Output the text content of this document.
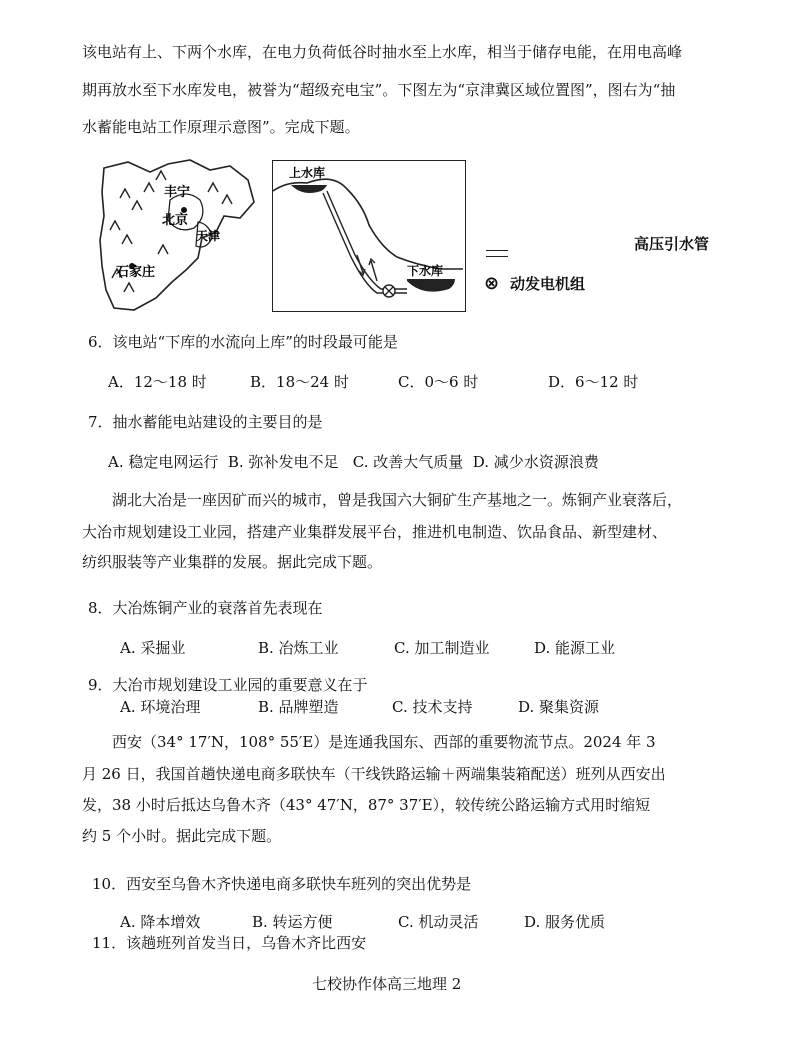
该电站有上、下两个水库，在电力负荷低谷时抽水至上水库，相当于储存电能，在用电高峰
期再放水至下水库发电，被誉为“超级充电宝”。下图左为“京津冀区域位置图”，图右为“抽
水蓄能电站工作原理示意图”。完成下题。
丰宁
北京
天津
石家庄
上水库
下水库
高压引水管
⊗ 动发电机组
6．该电站“下库的水流向上库”的时段最可能是
A．12～18 时	B．18～24 时	C．0～6 时	D．6～12 时
7．抽水蓄能电站建设的主要目的是
A. 稳定电网运行  B. 弥补发电不足   C. 改善大气质量  D. 减少水资源浪费
湖北大冶是一座因矿而兴的城市，曾是我国六大铜矿生产基地之一。炼铜产业衰落后，
大冶市规划建设工业园，搭建产业集群发展平台，推进机电制造、饮品食品、新型建材、
纺织服装等产业集群的发展。据此完成下题。
8．大冶炼铜产业的衰落首先表现在
A. 采掘业	B. 冶炼工业	C. 加工制造业	D. 能源工业
9．大冶市规划建设工业园的重要意义在于
A. 环境治理	B. 品牌塑造	C. 技术支持	D. 聚集资源
西安（34° 17′N，108° 55′E）是连通我国东、西部的重要物流节点。2024 年 3
月 26 日，我国首趟快递电商多联快车（干线铁路运输＋两端集装箱配送）班列从西安出
发，38 小时后抵达乌鲁木齐（43° 47′N，87° 37′E），较传统公路运输方式用时缩短
约 5 个小时。据此完成下题。
10．西安至乌鲁木齐快递电商多联快车班列的突出优势是
A. 降本增效	B. 转运方便	C. 机动灵活	D. 服务优质
11．该趟班列首发当日，乌鲁木齐比西安
七校协作体高三地理 2
